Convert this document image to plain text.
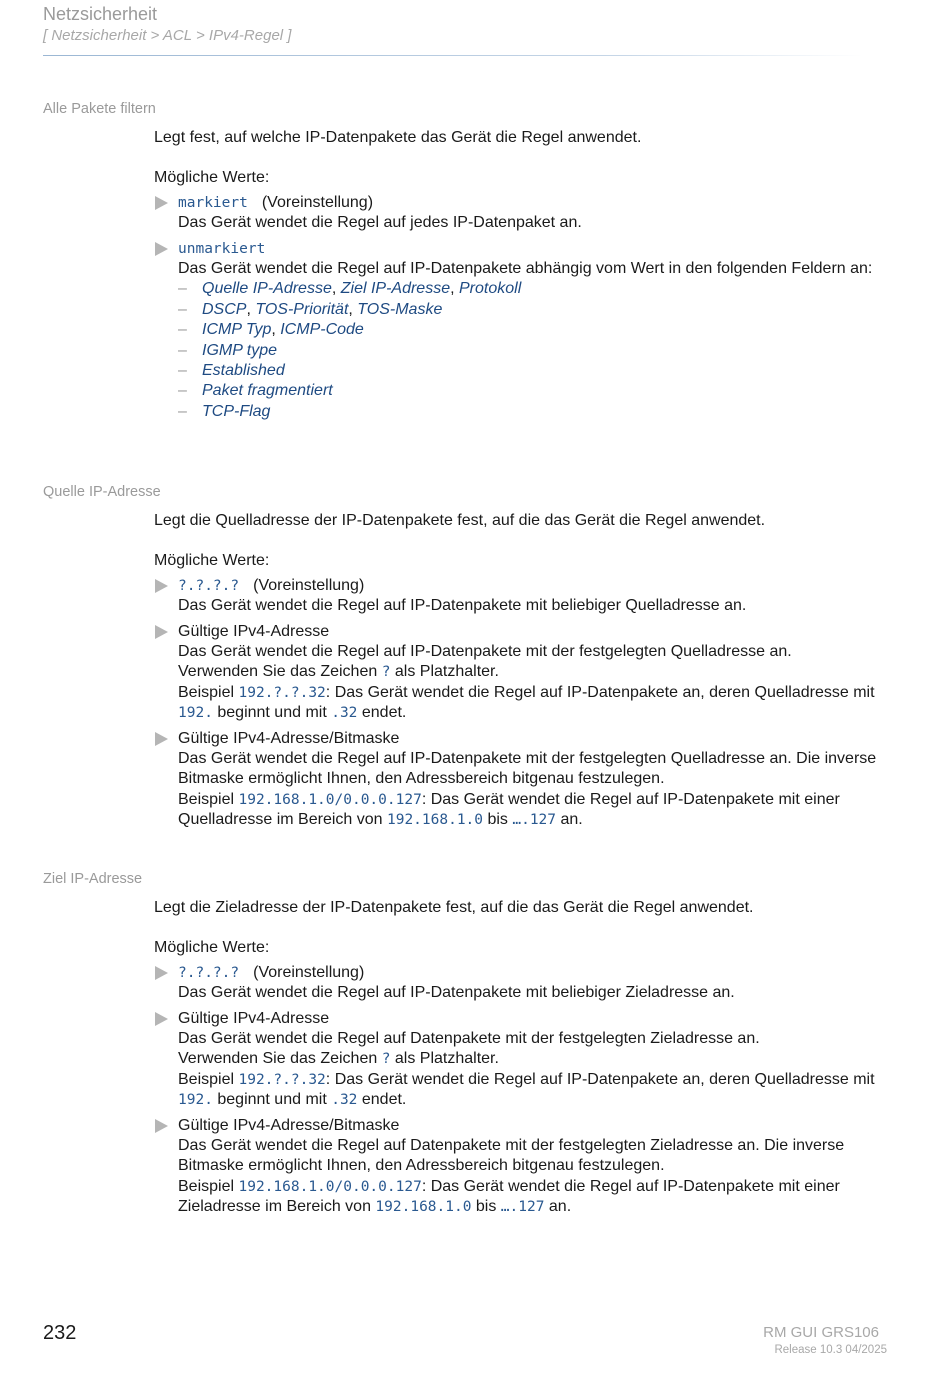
Netzsicherheit
[ Netzsicherheit > ACL > IPv4-Regel ]
Alle Pakete filtern

Legt fest, auf welche IP-Datenpakete das Gerät die Regel anwendet.

Mögliche Werte:

markiert (Voreinstellung)
Das Gerät wendet die Regel auf jedes IP-Datenpaket an.
unmarkiert
Das Gerät wendet die Regel auf IP-Datenpakete abhängig vom Wert in den folgenden Feldern an:
– Quelle IP-Adresse, Ziel IP-Adresse, Protokoll
– DSCP, TOS-Priorität, TOS-Maske
– ICMP Typ, ICMP-Code
– IGMP type
– Established
– Paket fragmentiert
– TCP-Flag
Quelle IP-Adresse

Legt die Quelladresse der IP-Datenpakete fest, auf die das Gerät die Regel anwendet.

Mögliche Werte:

?.?.?.? (Voreinstellung)
Das Gerät wendet die Regel auf IP-Datenpakete mit beliebiger Quelladresse an.
Gültige IPv4-Adresse
Das Gerät wendet die Regel auf IP-Datenpakete mit der festgelegten Quelladresse an.
Verwenden Sie das Zeichen ? als Platzhalter.
Beispiel 192.?.?.32: Das Gerät wendet die Regel auf IP-Datenpakete an, deren Quelladresse mit 192. beginnt und mit .32 endet.
Gültige IPv4-Adresse/Bitmaske
Das Gerät wendet die Regel auf IP-Datenpakete mit der festgelegten Quelladresse an. Die inverse Bitmaske ermöglicht Ihnen, den Adressbereich bitgenau festzulegen.
Beispiel 192.168.1.0/0.0.0.127: Das Gerät wendet die Regel auf IP-Datenpakete mit einer Quelladresse im Bereich von 192.168.1.0 bis ….127 an.
Ziel IP-Adresse

Legt die Zieladresse der IP-Datenpakete fest, auf die das Gerät die Regel anwendet.

Mögliche Werte:

?.?.?.? (Voreinstellung)
Das Gerät wendet die Regel auf IP-Datenpakete mit beliebiger Zieladresse an.
Gültige IPv4-Adresse
Das Gerät wendet die Regel auf Datenpakete mit der festgelegten Zieladresse an.
Verwenden Sie das Zeichen ? als Platzhalter.
Beispiel 192.?.?.32: Das Gerät wendet die Regel auf IP-Datenpakete an, deren Quelladresse mit 192. beginnt und mit .32 endet.
Gültige IPv4-Adresse/Bitmaske
Das Gerät wendet die Regel auf Datenpakete mit der festgelegten Zieladresse an. Die inverse Bitmaske ermöglicht Ihnen, den Adressbereich bitgenau festzulegen.
Beispiel 192.168.1.0/0.0.0.127: Das Gerät wendet die Regel auf IP-Datenpakete mit einer Zieladresse im Bereich von 192.168.1.0 bis ….127 an.
232	RM GUI GRS106
Release 10.3 04/2025
